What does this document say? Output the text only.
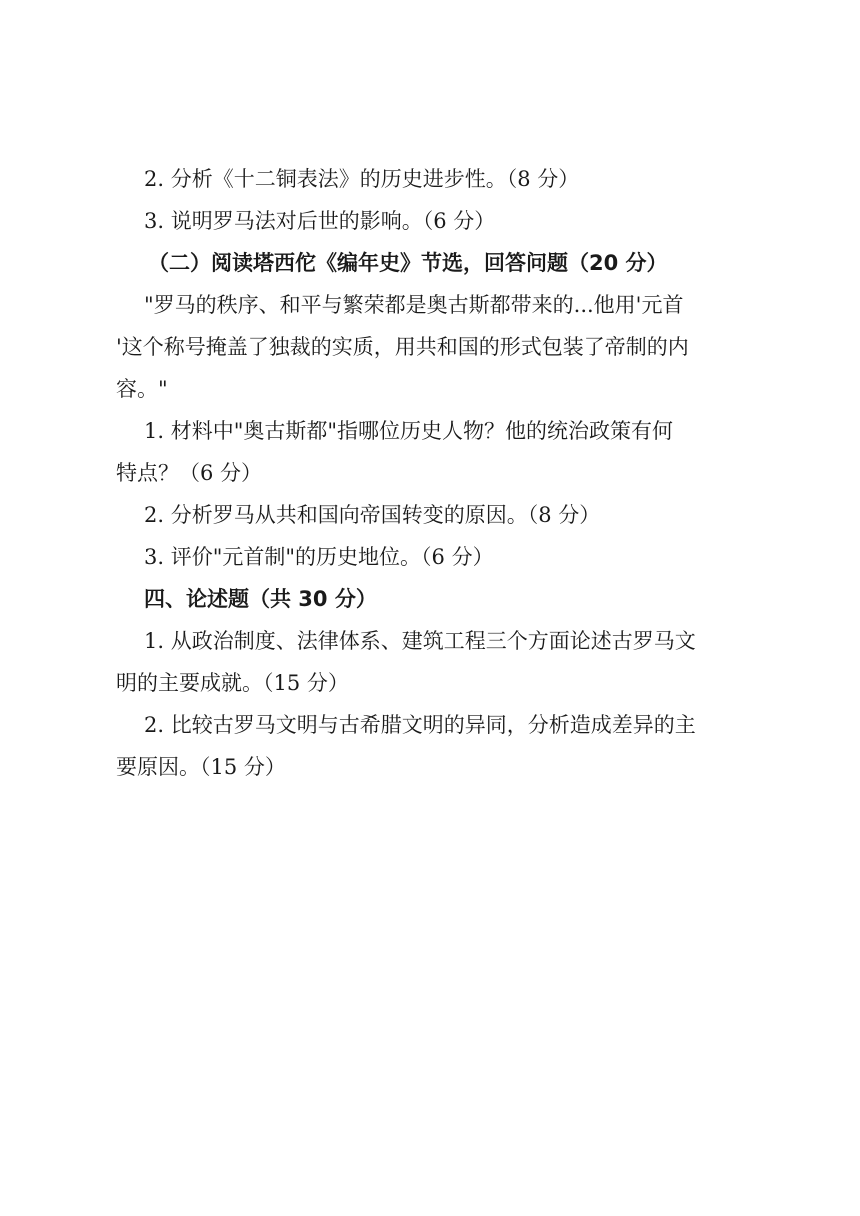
2. 分析《十二铜表法》的历史进步性。（8 分）
3. 说明罗马法对后世的影响。（6 分）
（二）阅读塔西佗《编年史》节选，回答问题（20 分）
"罗马的秩序、和平与繁荣都是奥古斯都带来的...他用'元首
'这个称号掩盖了独裁的实质，用共和国的形式包装了帝制的内
容。"
1. 材料中"奥古斯都"指哪位历史人物？他的统治政策有何
特点？（6 分）
2. 分析罗马从共和国向帝国转变的原因。（8 分）
3. 评价"元首制"的历史地位。（6 分）
四、论述题（共 30 分）
1. 从政治制度、法律体系、建筑工程三个方面论述古罗马文
明的主要成就。（15 分）
2. 比较古罗马文明与古希腊文明的异同，分析造成差异的主
要原因。（15 分）
